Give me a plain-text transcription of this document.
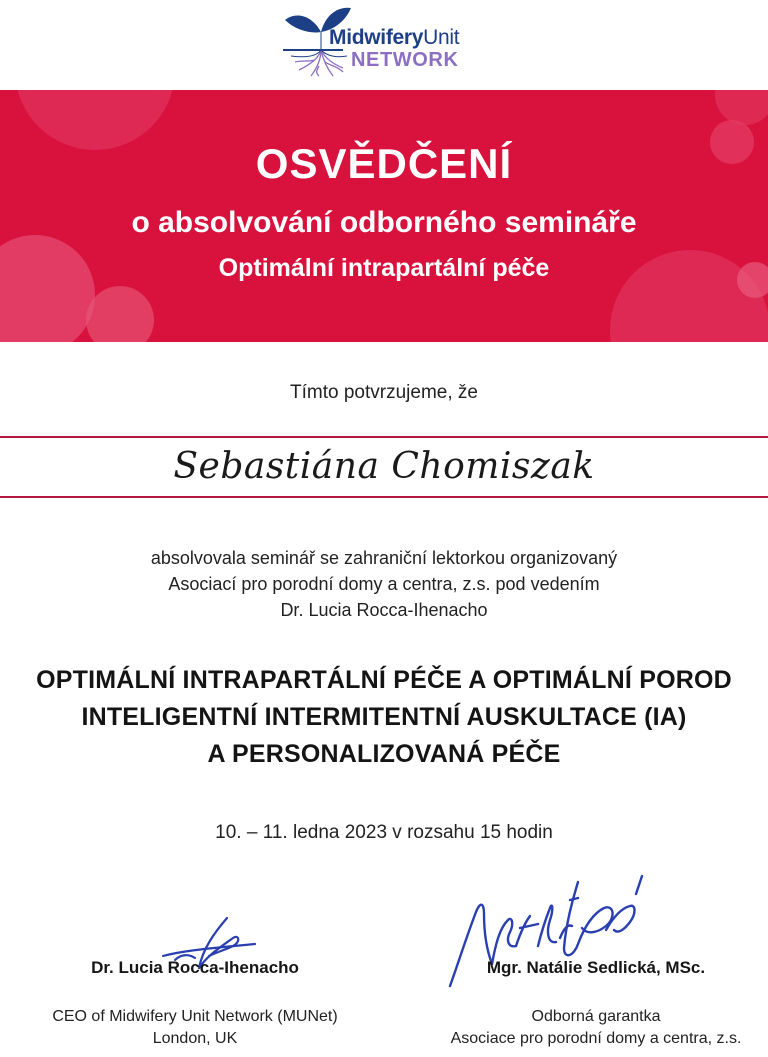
MidwiferyUnit
NETWORK
OSVĚDČENÍ
o absolvování odborného semináře
Optimální intrapartální péče
Tímto potvrzujeme, že
Sebastiána Chomiszak
absolvovala seminář se zahraniční lektorkou organizovaný
Asociací pro porodní domy a centra, z.s. pod vedením
Dr. Lucia Rocca-Ihenacho
OPTIMÁLNÍ INTRAPARTÁLNÍ PÉČE A OPTIMÁLNÍ POROD
INTELIGENTNÍ INTERMITENTNÍ AUSKULTACE (IA)
A PERSONALIZOVANÁ PÉČE
10. – 11. ledna 2023 v rozsahu 15 hodin
Dr. Lucia Rocca-Ihenacho
CEO of Midwifery Unit Network (MUNet)
London, UK
Mgr. Natálie Sedlická, MSc.
Odborná garantka
Asociace pro porodní domy a centra, z.s.
